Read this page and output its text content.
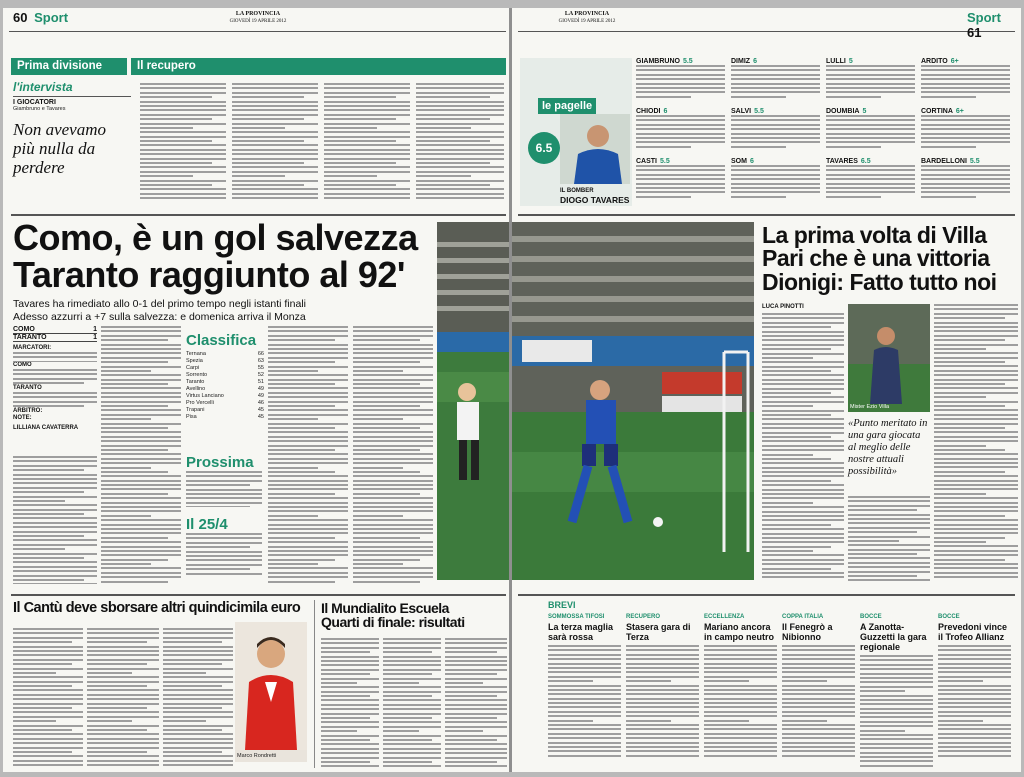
60 Sport	LA PROVINCIA
GIOVEDÌ 19 APRILE 2012
Prima divisione	Il recupero
l'intervista
I GIOCATORI
Giambruno e Tavares
Non avevamo più nulla da perdere
Como, è un gol salvezza
Taranto raggiunto al 92'
Tavares ha rimediato allo 0-1 del primo tempo negli istanti finali
Adesso azzurri a +7 sulla salvezza: e domenica arriva il Monza
COMO	1
TARANTO	1
MARCATORI:
COMO
TARANTO
ARBITRO:
NOTE:
LILLIANA CAVATERRA
Classifica
Ternana	66
Spezia	63
Carpi	55
Sorrento	52
Taranto	51
Avellino	49
Virtus Lanciano	49
Pro Vercelli	46
Trapani	45
Pisa	45
Prossima
Il 25/4
Il Cantù deve sborsare altri quindicimila euro
Marco Rondretti
Il Mundialito Escuela
Quarti di finale: risultati
LA PROVINCIA
GIOVEDÌ 19 APRILE 2012	Sport 61
le pagelle
6.5
IL BOMBER
DIOGO TAVARES
GIAMBRUNO 5.5
CHIODI 6
CASTI 5.5
DIMIZ 6
SALVI 5.5
SOM 6
LULLI 5
DOUMBIA 5
TAVARES 6.5
ARDITO 6+
CORTINA 6+
BARDELLONI 5.5
La prima volta di Villa
Pari che è una vittoria
Dionigi: Fatto tutto noi
LUCA PINOTTI
Mister Ezio Villa
«Punto meritato in una gara giocata al meglio delle nostre attuali possibilità»
BREVI
SOMMOSSA TIFOSI
La terza maglia sarà rossa
RECUPERO
Stasera gara di Terza
ECCELLENZA
Mariano ancora in campo neutro
COPPA ITALIA
Il Fenegrò a Nibionno
BOCCE
A Zanotta-Guzzetti la gara regionale
BOCCE
Prevedoni vince il Trofeo Allianz
